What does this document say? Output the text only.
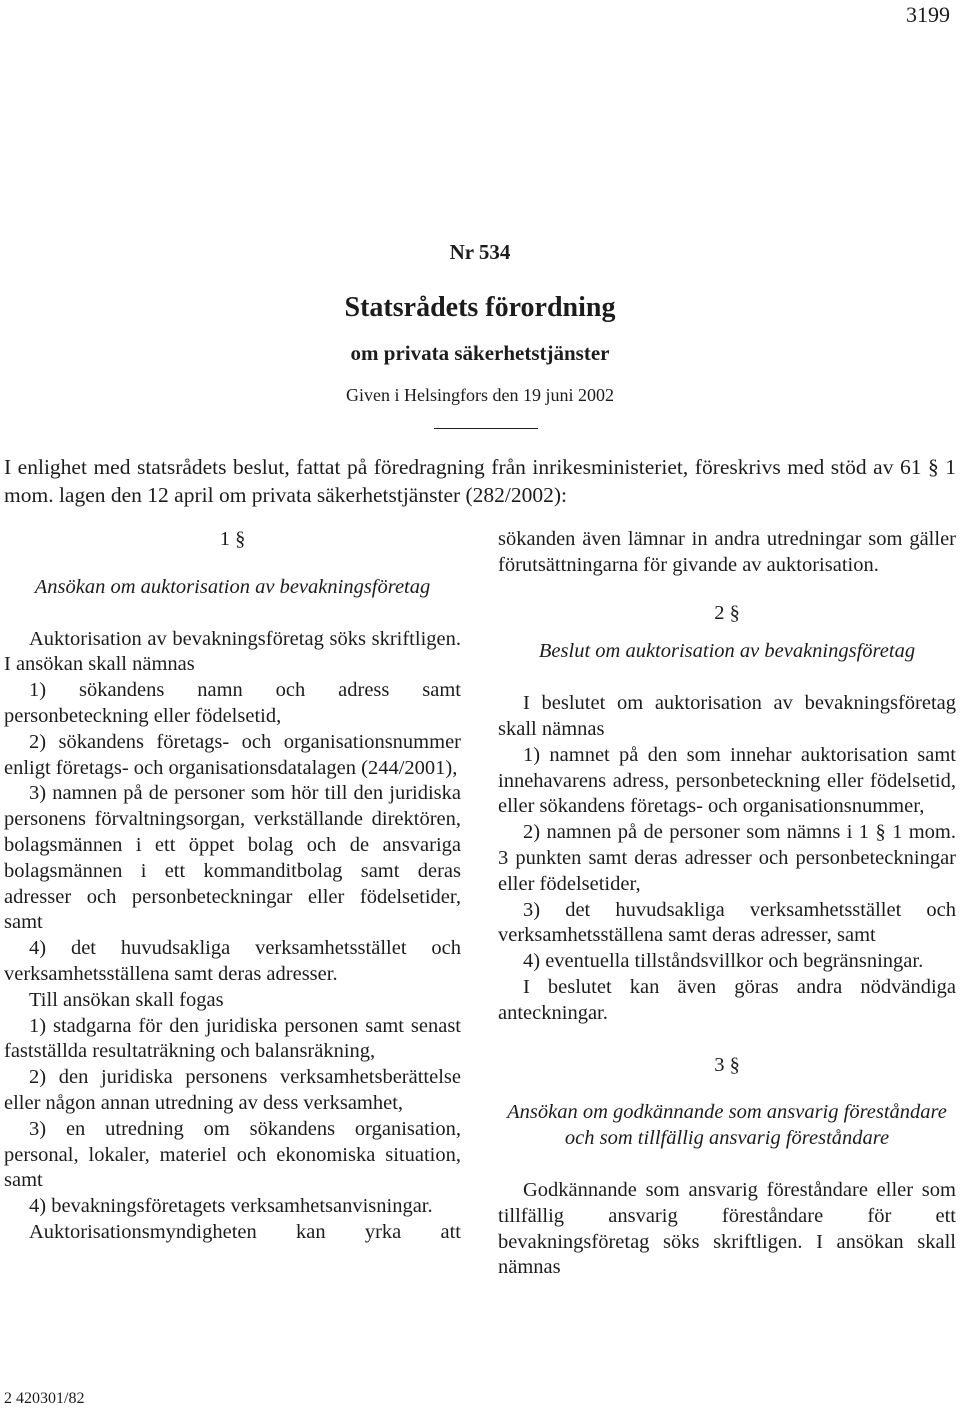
3199
Nr 534
Statsrådets förordning
om privata säkerhetstjänster
Given i Helsingfors den 19 juni 2002
I enlighet med statsrådets beslut, fattat på föredragning från inrikesministeriet, föreskrivs med stöd av 61 § 1 mom. lagen den 12 april om privata säkerhetstjänster (282/2002):

1 §

Ansökan om auktorisation av bevakningsföretag

Auktorisation av bevakningsföretag söks skriftligen. I ansökan skall nämnas

1) sökandens namn och adress samt personbeteckning eller födelsetid,

2) sökandens företags- och organisationsnummer enligt företags- och organisationsdatalagen (244/2001),

3) namnen på de personer som hör till den juridiska personens förvaltningsorgan, verkställande direktören, bolagsmännen i ett öppet bolag och de ansvariga bolagsmännen i ett kommanditbolag samt deras adresser och personbeteckningar eller födelsetider, samt

4) det huvudsakliga verksamhetsstället och verksamhetsställena samt deras adresser.

Till ansökan skall fogas

1) stadgarna för den juridiska personen samt senast fastställda resultaträkning och balansräkning,

2) den juridiska personens verksamhetsberättelse eller någon annan utredning av dess verksamhet,

3) en utredning om sökandens organisation, personal, lokaler, materiel och ekonomiska situation, samt

4) bevakningsföretagets verksamhetsanvisningar.

Auktorisationsmyndigheten kan yrka att

sökanden även lämnar in andra utredningar som gäller förutsättningarna för givande av auktorisation.

2 §

Beslut om auktorisation av bevakningsföretag

I beslutet om auktorisation av bevakningsföretag skall nämnas

1) namnet på den som innehar auktorisation samt innehavarens adress, personbeteckning eller födelsetid, eller sökandens företags- och organisationsnummer,

2) namnen på de personer som nämns i 1 § 1 mom. 3 punkten samt deras adresser och personbeteckningar eller födelsetider,

3) det huvudsakliga verksamhetsstället och verksamhetsställena samt deras adresser, samt

4) eventuella tillståndsvillkor och begränsningar.

I beslutet kan även göras andra nödvändiga anteckningar.

3 §

Ansökan om godkännande som ansvarig föreståndare och som tillfällig ansvarig föreståndare

Godkännande som ansvarig föreståndare eller som tillfällig ansvarig föreståndare för ett bevakningsföretag söks skriftligen. I ansökan skall nämnas

2 420301/82
